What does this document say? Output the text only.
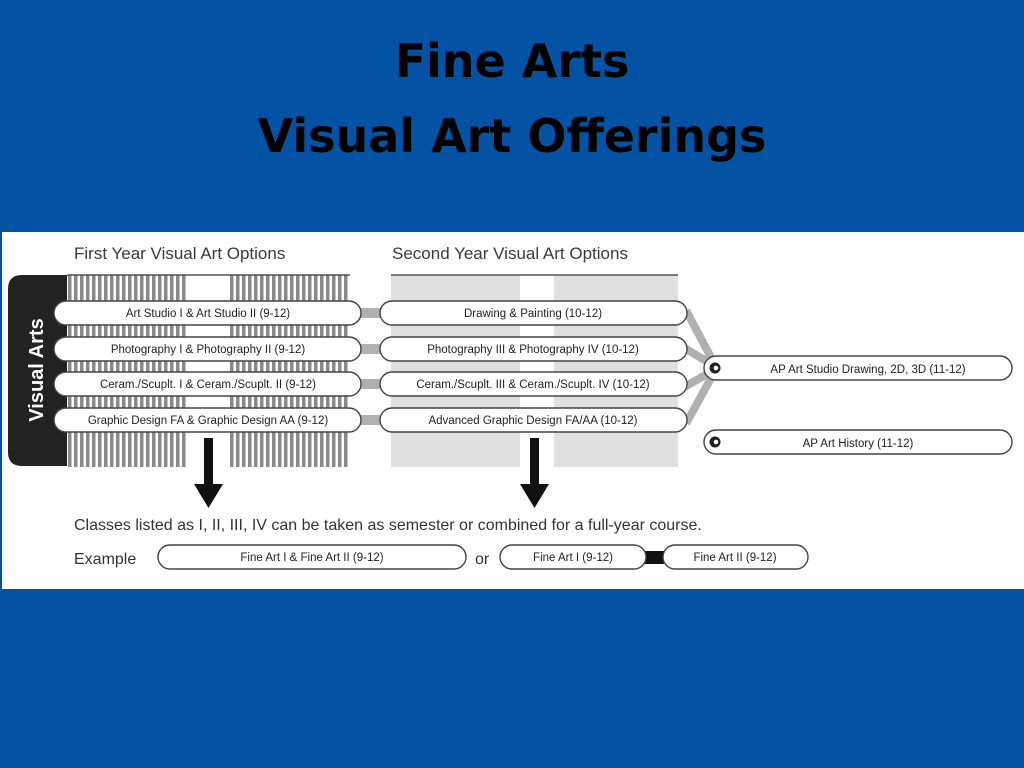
Fine Arts
Visual Art Offerings
First Year Visual Art Options	Second Year Visual Art Options
Visual Arts
Art Studio I & Art Studio II (9-12)
Photography I & Photography II (9-12)
Ceram./Scuplt. I & Ceram./Scuplt. II (9-12)
Graphic Design FA & Graphic Design AA (9-12)
Drawing & Painting (10-12)
Photography III & Photography IV (10-12)
Ceram./Scuplt. III & Ceram./Scuplt. IV (10-12)
Advanced Graphic Design FA/AA (10-12)
AP Art Studio Drawing, 2D, 3D (11-12)
AP Art History (11-12)
Classes listed as I, II, III, IV can be taken as semester or combined for a full-year course.
Example	Fine Art I & Fine Art II (9-12)	or	Fine Art I (9-12)	Fine Art II (9-12)
